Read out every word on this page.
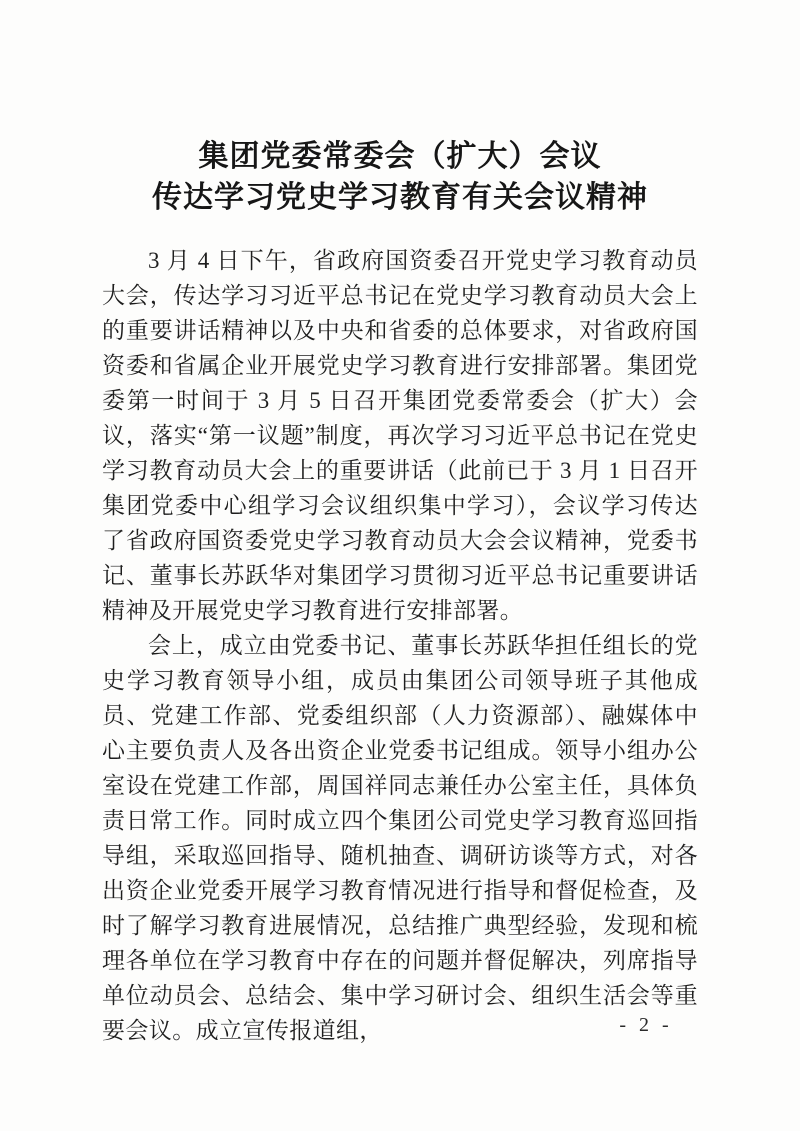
集团党委常委会（扩大）会议
传达学习党史学习教育有关会议精神

3 月 4 日下午，省政府国资委召开党史学习教育动员大会，传达学习习近平总书记在党史学习教育动员大会上的重要讲话精神以及中央和省委的总体要求，对省政府国资委和省属企业开展党史学习教育进行安排部署。集团党委第一时间于 3 月 5 日召开集团党委常委会（扩大）会议，落实“第一议题”制度，再次学习习近平总书记在党史学习教育动员大会上的重要讲话（此前已于 3 月 1 日召开集团党委中心组学习会议组织集中学习），会议学习传达了省政府国资委党史学习教育动员大会会议精神，党委书记、董事长苏跃华对集团学习贯彻习近平总书记重要讲话精神及开展党史学习教育进行安排部署。

会上，成立由党委书记、董事长苏跃华担任组长的党史学习教育领导小组，成员由集团公司领导班子其他成员、党建工作部、党委组织部（人力资源部）、融媒体中心主要负责人及各出资企业党委书记组成。领导小组办公室设在党建工作部，周国祥同志兼任办公室主任，具体负责日常工作。同时成立四个集团公司党史学习教育巡回指导组，采取巡回指导、随机抽查、调研访谈等方式，对各出资企业党委开展学习教育情况进行指导和督促检查，及时了解学习教育进展情况，总结推广典型经验，发现和梳理各单位在学习教育中存在的问题并督促解决，列席指导单位动员会、总结会、集中学习研讨会、组织生活会等重要会议。成立宣传报道组，	- 2 -
